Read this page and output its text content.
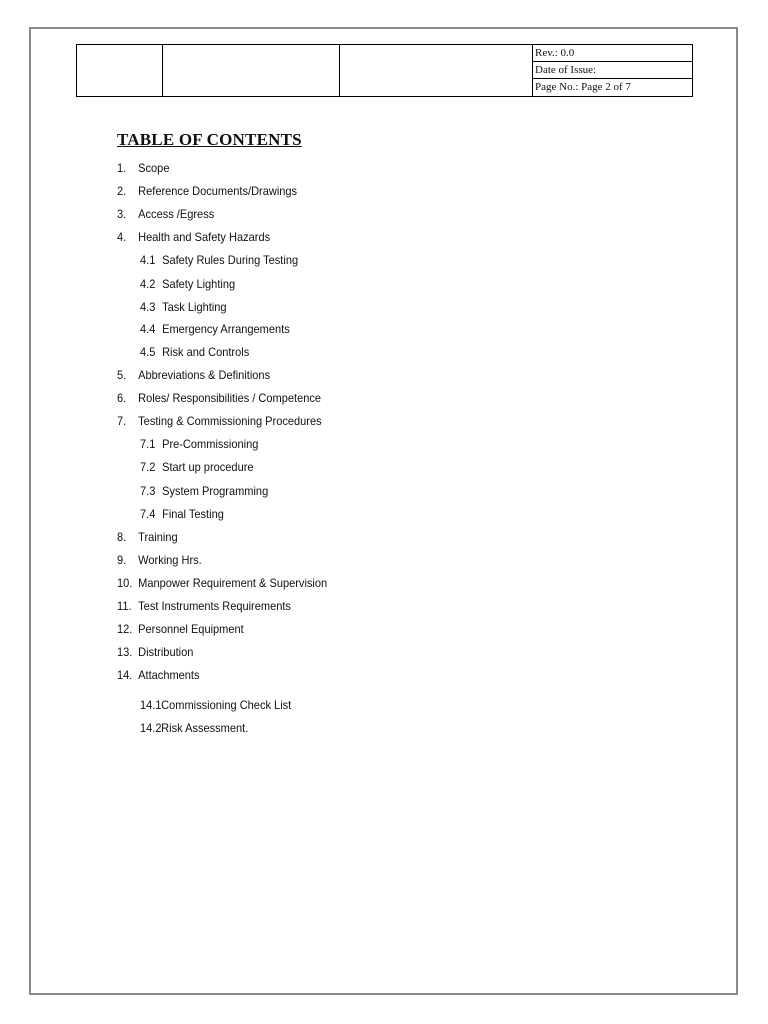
Rev.: 0.0
Date of Issue:
Page No.: Page 2 of 7
TABLE OF CONTENTS
1. Scope
2. Reference Documents/Drawings
3. Access /Egress
4. Health and Safety Hazards
4.1 Safety Rules During Testing
4.2 Safety Lighting
4.3 Task Lighting
4.4 Emergency Arrangements
4.5 Risk and Controls
5. Abbreviations & Definitions
6. Roles/ Responsibilities / Competence
7. Testing & Commissioning Procedures
7.1 Pre-Commissioning
7.2 Start up procedure
7.3 System Programming
7.4 Final Testing
8. Training
9. Working Hrs.
10. Manpower Requirement & Supervision
11. Test Instruments Requirements
12. Personnel Equipment
13. Distribution
14. Attachments
14.1Commissioning Check List
14.2Risk Assessment.
